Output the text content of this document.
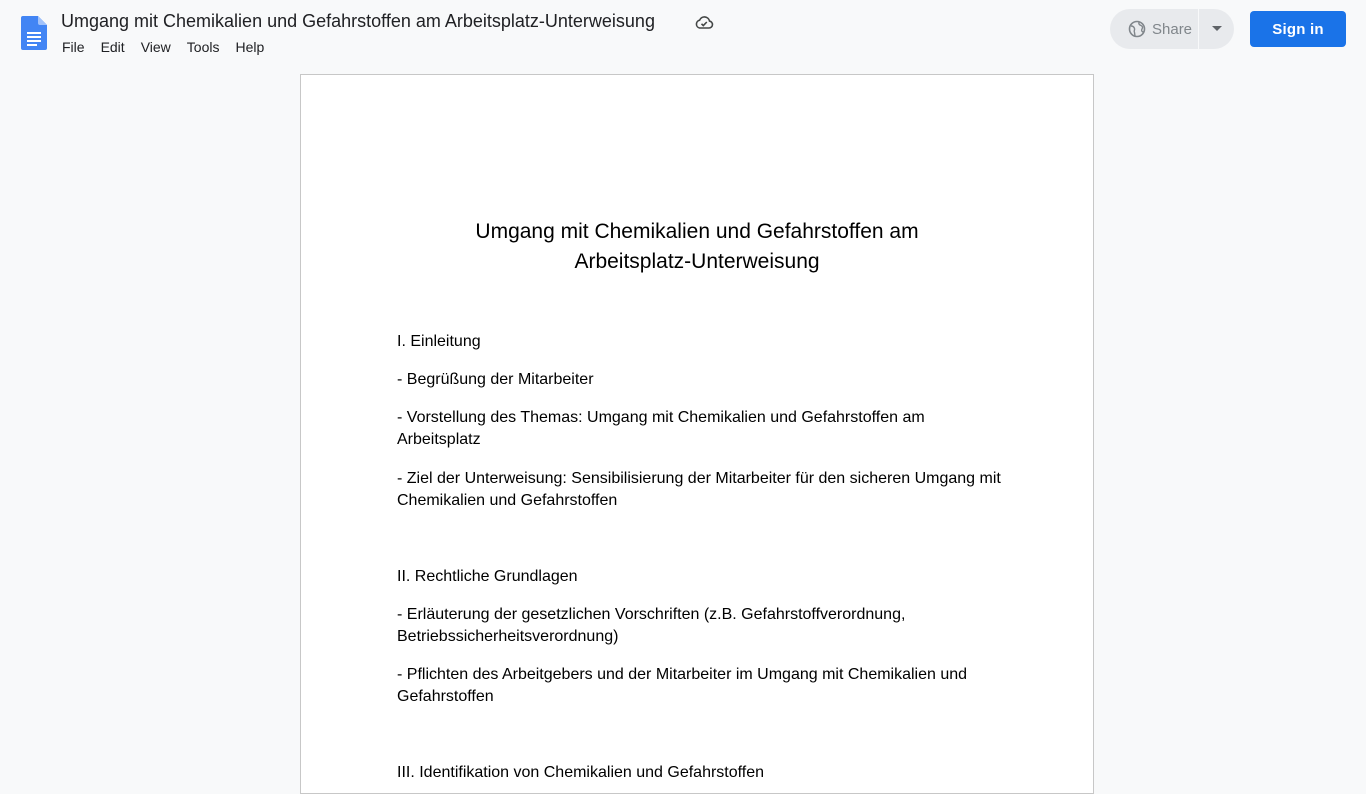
Umgang mit Chemikalien und Gefahrstoffen am Arbeitsplatz-Unterweisung
File	Edit	View	Tools	Help
Share	Sign in
Umgang mit Chemikalien und Gefahrstoffen am
Arbeitsplatz-Unterweisung
I. Einleitung
- Begrüßung der Mitarbeiter
- Vorstellung des Themas: Umgang mit Chemikalien und Gefahrstoffen am Arbeitsplatz
- Ziel der Unterweisung: Sensibilisierung der Mitarbeiter für den sicheren Umgang mit Chemikalien und Gefahrstoffen
II. Rechtliche Grundlagen
- Erläuterung der gesetzlichen Vorschriften (z.B. Gefahrstoffverordnung, Betriebssicherheitsverordnung)
- Pflichten des Arbeitgebers und der Mitarbeiter im Umgang mit Chemikalien und Gefahrstoffen
III. Identifikation von Chemikalien und Gefahrstoffen
